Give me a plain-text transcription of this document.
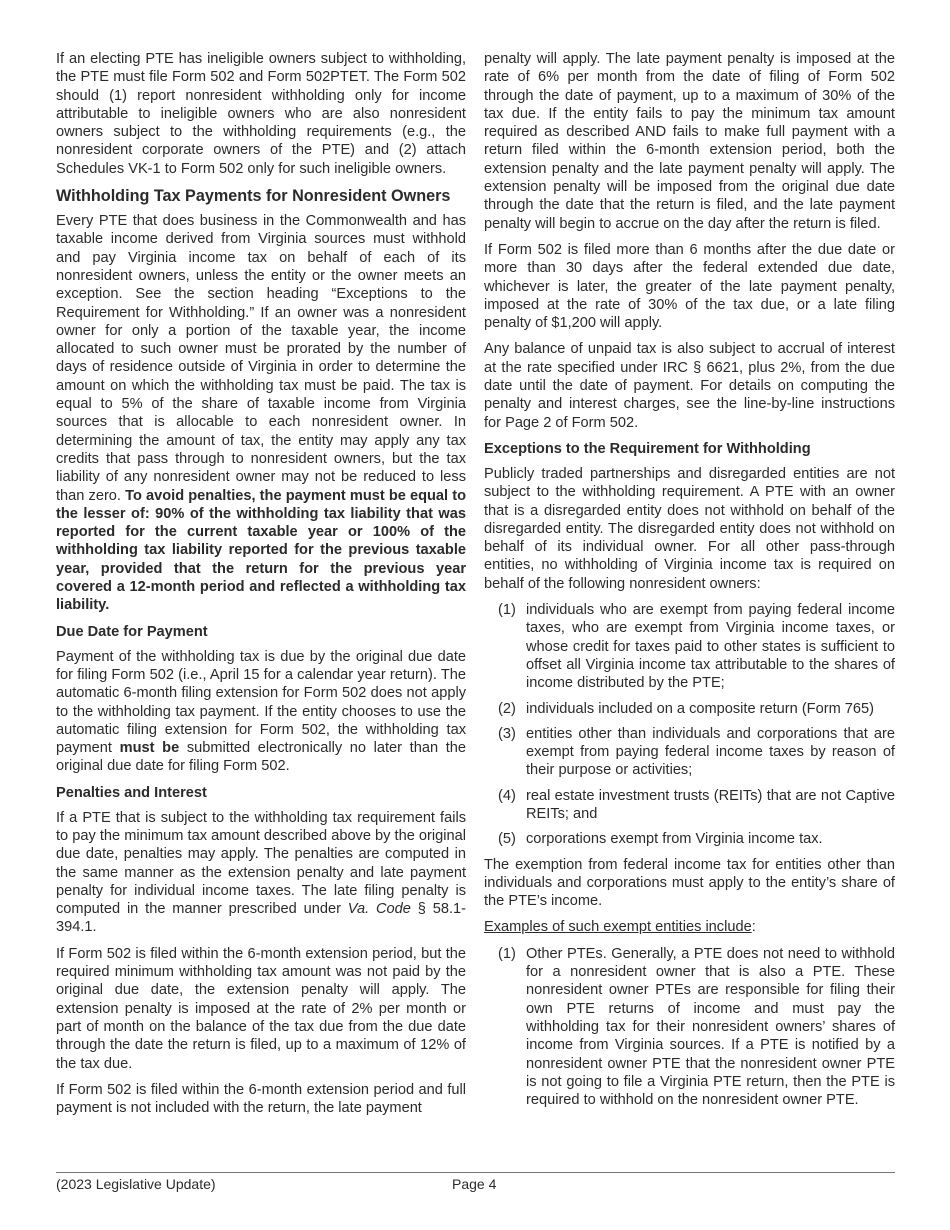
If an electing PTE has ineligible owners subject to withholding, the PTE must file Form 502 and Form 502PTET. The Form 502 should (1) report nonresident withholding only for income attributable to ineligible owners who are also nonresident owners subject to the withholding requirements (e.g., the nonresident corporate owners of the PTE) and (2) attach Schedules VK-1 to Form 502 only for such ineligible owners.

Withholding Tax Payments for Nonresident Owners

Every PTE that does business in the Commonwealth and has taxable income derived from Virginia sources must withhold and pay Virginia income tax on behalf of each of its nonresident owners, unless the entity or the owner meets an exception. See the section heading “Exceptions to the Requirement for Withholding.” If an owner was a nonresident owner for only a portion of the taxable year, the income allocated to such owner must be prorated by the number of days of residence outside of Virginia in order to determine the amount on which the withholding tax must be paid. The tax is equal to 5% of the share of taxable income from Virginia sources that is allocable to each nonresident owner. In determining the amount of tax, the entity may apply any tax credits that pass through to nonresident owners, but the tax liability of any nonresident owner may not be reduced to less than zero. To avoid penalties, the payment must be equal to the lesser of: 90% of the withholding tax liability that was reported for the current taxable year or 100% of the withholding tax liability reported for the previous taxable year, provided that the return for the previous year covered a 12-month period and reflected a withholding tax liability.

Due Date for Payment

Payment of the withholding tax is due by the original due date for filing Form 502 (i.e., April 15 for a calendar year return). The automatic 6-month filing extension for Form 502 does not apply to the withholding tax payment. If the entity chooses to use the automatic filing extension for Form 502, the withholding tax payment must be submitted electronically no later than the original due date for filing Form 502.

Penalties and Interest

If a PTE that is subject to the withholding tax requirement fails to pay the minimum tax amount described above by the original due date, penalties may apply. The penalties are computed in the same manner as the extension penalty and late payment penalty for individual income taxes. The late filing penalty is computed in the manner prescribed under Va. Code § 58.1-394.1.

If Form 502 is filed within the 6-month extension period, but the required minimum withholding tax amount was not paid by the original due date, the extension penalty will apply. The extension penalty is imposed at the rate of 2% per month or part of month on the balance of the tax due from the due date through the date the return is filed, up to a maximum of 12% of the tax due.

If Form 502 is filed within the 6-month extension period and full payment is not included with the return, the late payment

penalty will apply. The late payment penalty is imposed at the rate of 6% per month from the date of filing of Form 502 through the date of payment, up to a maximum of 30% of the tax due. If the entity fails to pay the minimum tax amount required as described AND fails to make full payment with a return filed within the 6-month extension period, both the extension penalty and the late payment penalty will apply. The extension penalty will be imposed from the original due date through the date that the return is filed, and the late payment penalty will begin to accrue on the day after the return is filed.

If Form 502 is filed more than 6 months after the due date or more than 30 days after the federal extended due date, whichever is later, the greater of the late payment penalty, imposed at the rate of 30% of the tax due, or a late filing penalty of $1,200 will apply.

Any balance of unpaid tax is also subject to accrual of interest at the rate specified under IRC § 6621, plus 2%, from the due date until the date of payment. For details on computing the penalty and interest charges, see the line-by-line instructions for Page 2 of Form 502.

Exceptions to the Requirement for Withholding

Publicly traded partnerships and disregarded entities are not subject to the withholding requirement. A PTE with an owner that is a disregarded entity does not withhold on behalf of the disregarded entity. The disregarded entity does not withhold on behalf of its individual owner. For all other pass-through entities, no withholding of Virginia income tax is required on behalf of the following nonresident owners:

(1) individuals who are exempt from paying federal income taxes, who are exempt from Virginia income taxes, or whose credit for taxes paid to other states is sufficient to offset all Virginia income tax attributable to the shares of income distributed by the PTE;
(2) individuals included on a composite return (Form 765)
(3) entities other than individuals and corporations that are exempt from paying federal income taxes by reason of their purpose or activities;
(4) real estate investment trusts (REITs) that are not Captive REITs; and
(5) corporations exempt from Virginia income tax.

The exemption from federal income tax for entities other than individuals and corporations must apply to the entity’s share of the PTE’s income.

Examples of such exempt entities include:

(1) Other PTEs. Generally, a PTE does not need to withhold for a nonresident owner that is also a PTE. These nonresident owner PTEs are responsible for filing their own PTE returns of income and must pay the withholding tax for their nonresident owners’ shares of income from Virginia sources. If a PTE is notified by a nonresident owner PTE that the nonresident owner PTE is not going to file a Virginia PTE return, then the PTE is required to withhold on the nonresident owner PTE.
(2023 Legislative Update)	Page 4
